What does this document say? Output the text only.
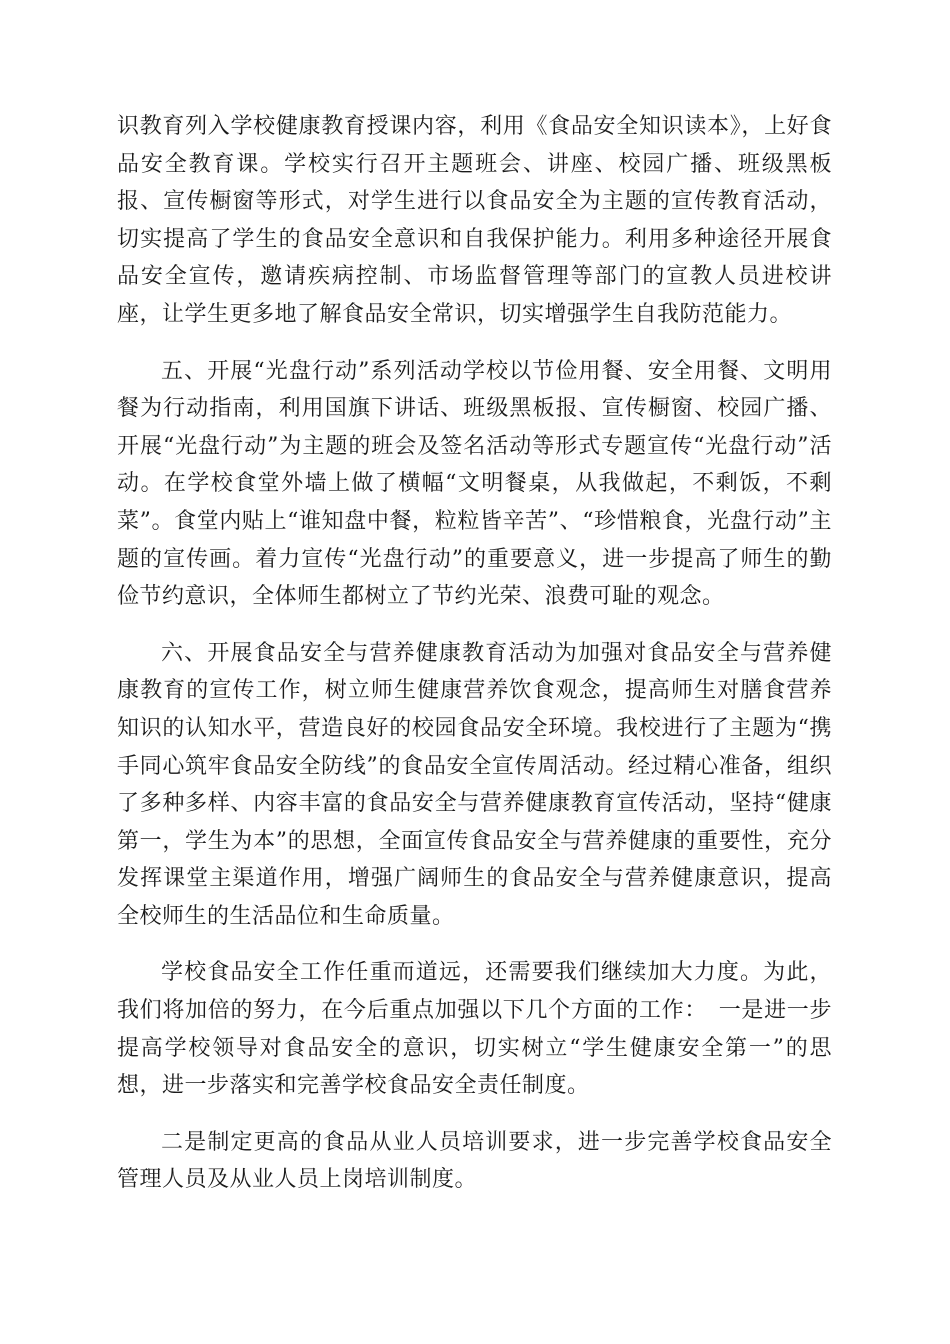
识教育列入学校健康教育授课内容，利用《食品安全知识读本》，上好食品安全教育课。学校实行召开主题班会、讲座、校园广播、班级黑板报、宣传橱窗等形式，对学生进行以食品安全为主题的宣传教育活动，切实提高了学生的食品安全意识和自我保护能力。利用多种途径开展食品安全宣传，邀请疾病控制、市场监督管理等部门的宣教人员进校讲座，让学生更多地了解食品安全常识，切实增强学生自我防范能力。

五、开展“光盘行动”系列活动学校以节俭用餐、安全用餐、文明用餐为行动指南，利用国旗下讲话、班级黑板报、宣传橱窗、校园广播、开展“光盘行动”为主题的班会及签名活动等形式专题宣传“光盘行动”活动。在学校食堂外墙上做了横幅“文明餐桌，从我做起，不剩饭，不剩菜”。食堂内贴上“谁知盘中餐，粒粒皆辛苦”、“珍惜粮食，光盘行动”主题的宣传画。着力宣传“光盘行动”的重要意义，进一步提高了师生的勤俭节约意识，全体师生都树立了节约光荣、浪费可耻的观念。

六、开展食品安全与营养健康教育活动为加强对食品安全与营养健康教育的宣传工作，树立师生健康营养饮食观念，提高师生对膳食营养知识的认知水平，营造良好的校园食品安全环境。我校进行了主题为“携手同心筑牢食品安全防线”的食品安全宣传周活动。经过精心准备，组织了多种多样、内容丰富的食品安全与营养健康教育宣传活动，坚持“健康第一，学生为本”的思想，全面宣传食品安全与营养健康的重要性，充分发挥课堂主渠道作用，增强广阔师生的食品安全与营养健康意识，提高全校师生的生活品位和生命质量。

学校食品安全工作任重而道远，还需要我们继续加大力度。为此，我们将加倍的努力，在今后重点加强以下几个方面的工作：　一是进一步提高学校领导对食品安全的意识，切实树立“学生健康安全第一”的思想，进一步落实和完善学校食品安全责任制度。

二是制定更高的食品从业人员培训要求，进一步完善学校食品安全管理人员及从业人员上岗培训制度。
